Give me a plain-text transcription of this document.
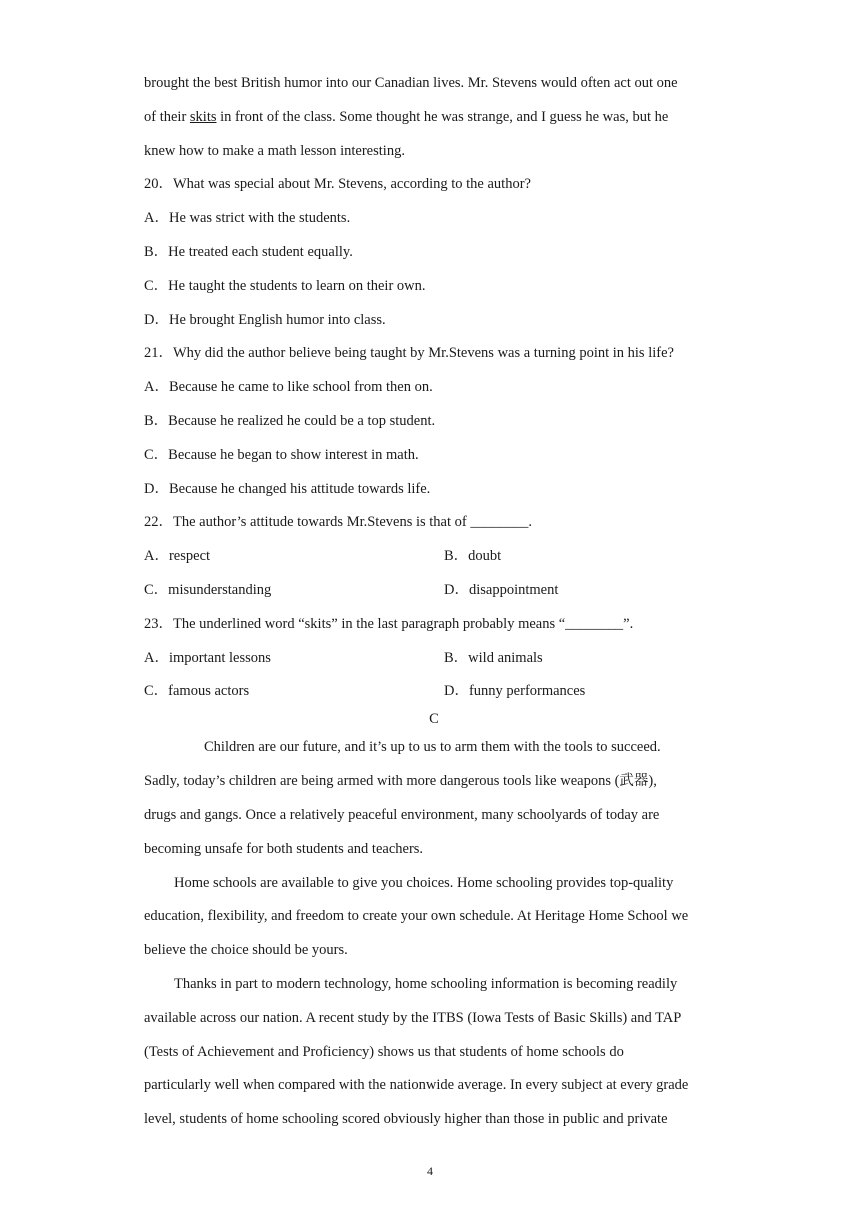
brought the best British humor into our Canadian lives. Mr. Stevens would often act out one
of their skits in front of the class. Some thought he was strange, and I guess he was, but he
knew how to make a math lesson interesting.
20．What was special about Mr. Stevens, according to the author?
A．He was strict with the students.
B．He treated each student equally.
C．He taught the students to learn on their own.
D．He brought English humor into class.
21．Why did the author believe being taught by Mr.Stevens was a turning point in his life?
A．Because he came to like school from then on.
B．Because he realized he could be a top student.
C．Because he began to show interest in math.
D．Because he changed his attitude towards life.
22．The author’s attitude towards Mr.Stevens is that of ________.
A．respect	B．doubt
C．misunderstanding	D．disappointment
23．The underlined word “skits” in the last paragraph probably means “________”.
A．important lessons	B．wild animals
C．famous actors	D．funny performances
C
Children are our future, and it’s up to us to arm them with the tools to succeed.
Sadly, today’s children are being armed with more dangerous tools like weapons (武器),
drugs and gangs. Once a relatively peaceful environment, many schoolyards of today are
becoming unsafe for both students and teachers.
Home schools are available to give you choices. Home schooling provides top-quality
education, flexibility, and freedom to create your own schedule. At Heritage Home School we
believe the choice should be yours.
Thanks in part to modern technology, home schooling information is becoming readily
available across our nation. A recent study by the ITBS (Iowa Tests of Basic Skills) and TAP
(Tests of Achievement and Proficiency) shows us that students of home schools do
particularly well when compared with the nationwide average. In every subject at every grade
level, students of home schooling scored obviously higher than those in public and private
4
